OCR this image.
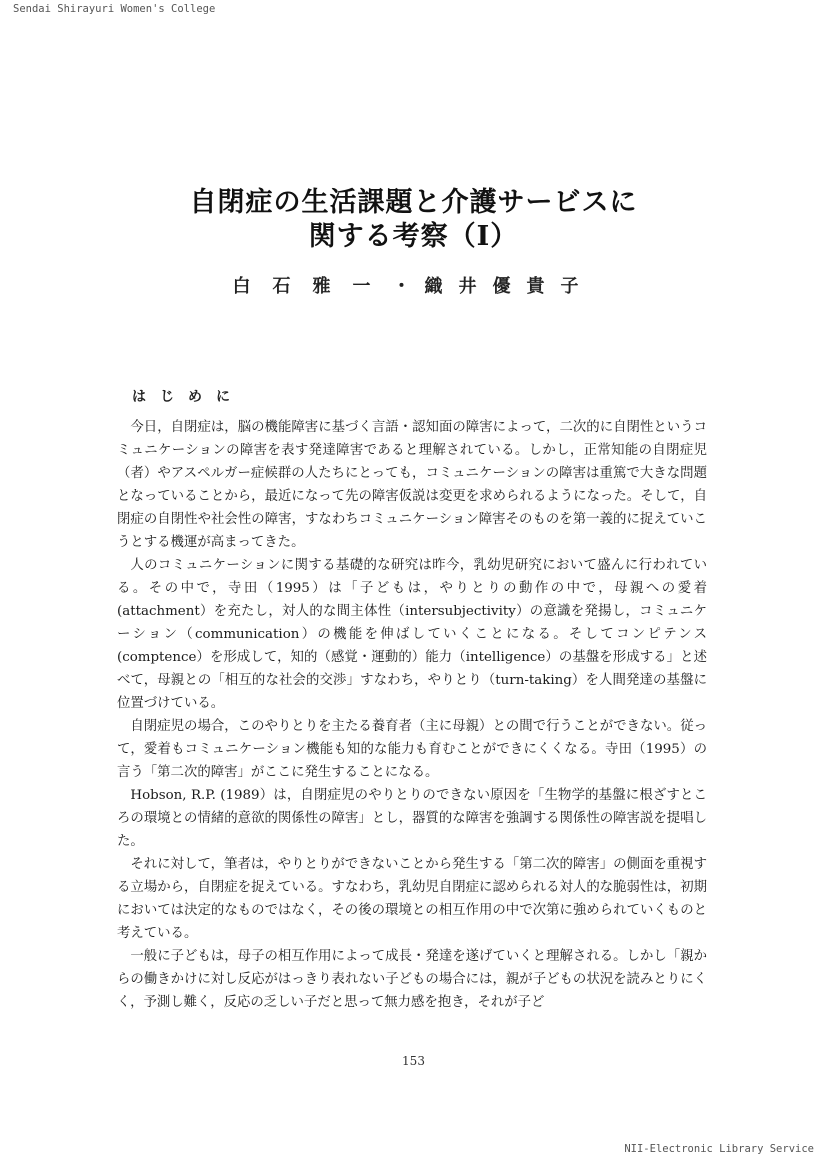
Sendai Shirayuri Women's College
自閉症の生活課題と介護サービスに
関する考察（Ⅰ）
白石雅一・ 織井優貴子
はじめに

今日，自閉症は，脳の機能障害に基づく言語・認知面の障害によって，二次的に自閉性というコミュニケーションの障害を表す発達障害であると理解されている。しかし，正常知能の自閉症児（者）やアスペルガー症候群の人たちにとっても，コミュニケーションの障害は重篤で大きな問題となっていることから，最近になって先の障害仮説は変更を求められるようになった。そして，自閉症の自閉性や社会性の障害，すなわちコミュニケーション障害そのものを第一義的に捉えていこうとする機運が高まってきた。

人のコミュニケーションに関する基礎的な研究は昨今，乳幼児研究において盛んに行われている。その中で，寺田（1995）は「子どもは，やりとりの動作の中で，母親への愛着(attachment）を充たし，対人的な間主体性（intersubjectivity）の意識を発揚し，コミュニケーション（communication）の機能を伸ばしていくことになる。そしてコンピテンス(comptence）を形成して，知的（感覚・運動的）能力（intelligence）の基盤を形成する」と述べて，母親との「相互的な社会的交渉」すなわち，やりとり（turn-taking）を人間発達の基盤に位置づけている。

自閉症児の場合，このやりとりを主たる養育者（主に母親）との間で行うことができない。従って，愛着もコミュニケーション機能も知的な能力も育むことができにくくなる。寺田（1995）の言う「第二次的障害」がここに発生することになる。

Hobson, R.P. (1989）は，自閉症児のやりとりのできない原因を「生物学的基盤に根ざすところの環境との情緒的意欲的関係性の障害」とし，器質的な障害を強調する関係性の障害説を提唱した。

それに対して，筆者は，やりとりができないことから発生する「第二次的障害」の側面を重視する立場から，自閉症を捉えている。すなわち，乳幼児自閉症に認められる対人的な脆弱性は，初期においては決定的なものではなく，その後の環境との相互作用の中で次第に強められていくものと考えている。

一般に子どもは，母子の相互作用によって成長・発達を遂げていくと理解される。しかし「親からの働きかけに対し反応がはっきり表れない子どもの場合には，親が子どもの状況を読みとりにくく，予測し難く，反応の乏しい子だと思って無力感を抱き，それが子ど

153
NII-Electronic Library Service
